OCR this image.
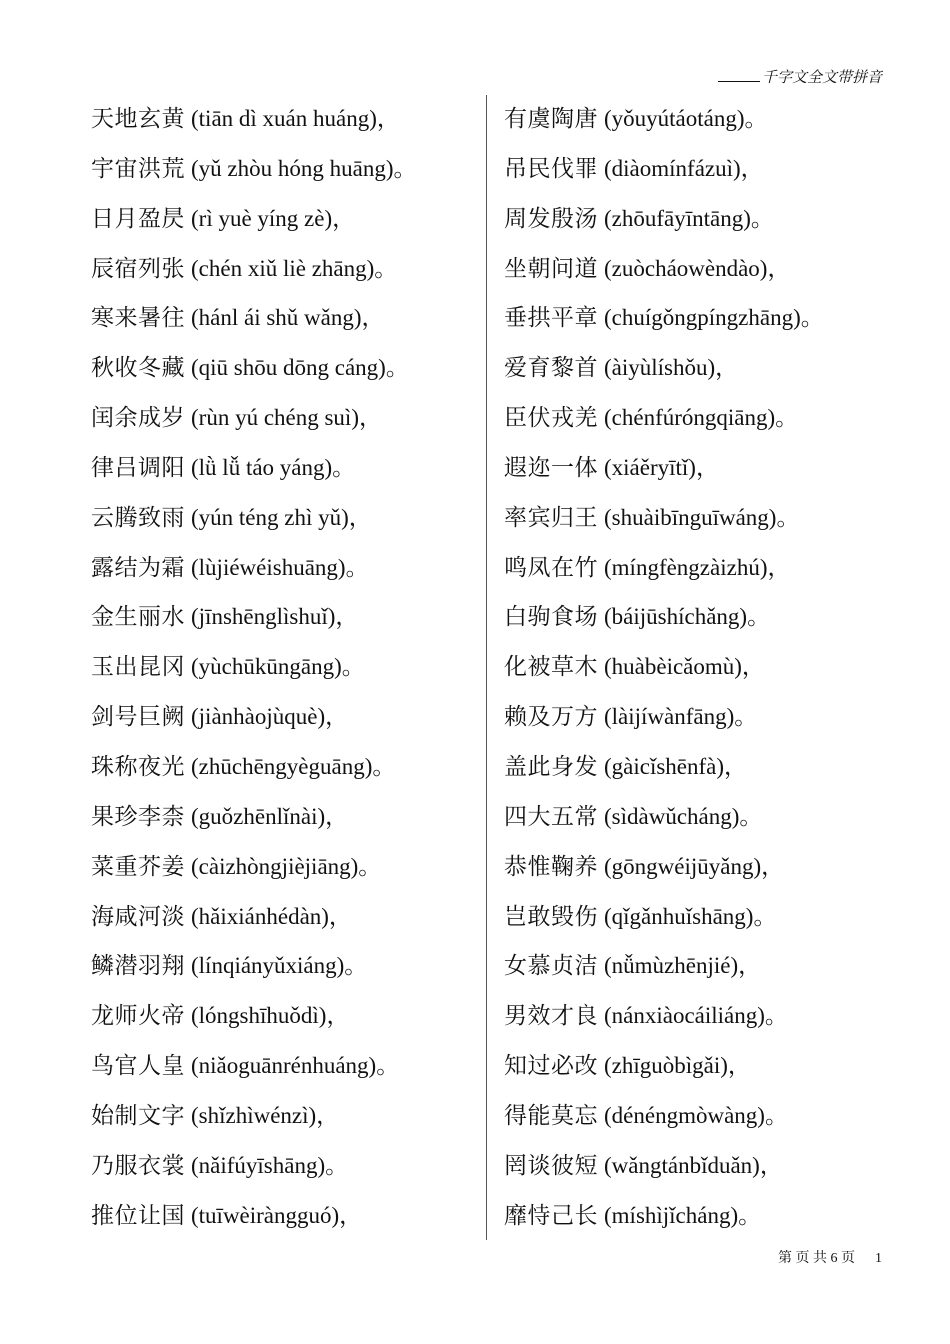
千字文全文带拼音
天地玄黄 (tiān dì xuán huáng)，
宇宙洪荒 (yǔ zhòu hóng huāng)。
日月盈昃 (rì yuè yíng zè)，
辰宿列张 (chén xiǔ liè zhāng)。
寒来暑往 (hánl ái shǔ wǎng)，
秋收冬藏 (qiū shōu dōng cáng)。
闰余成岁 (rùn yú chéng suì)，
律吕调阳 (lǜ lǚ táo yáng)。
云腾致雨 (yún téng zhì yǔ)，
露结为霜 (lùjiéwéishuāng)。
金生丽水 (jīnshēnglìshuǐ)，
玉出昆冈 (yùchūkūngāng)。
剑号巨阙 (jiànhàojùquè)，
珠称夜光 (zhūchēngyèguāng)。
果珍李柰 (guǒzhēnlǐnài)，
菜重芥姜 (càizhòngjièjiāng)。
海咸河淡 (hǎixiánhédàn)，
鳞潜羽翔 (línqiányǔxiáng)。
龙师火帝 (lóngshīhuǒdì)，
鸟官人皇 (niǎoguānrénhuáng)。
始制文字 (shǐzhìwénzì)，
乃服衣裳 (nǎifúyīshāng)。
推位让国 (tuīwèiràngguó)，
有虞陶唐 (yǒuyútáotáng)。
吊民伐罪 (diàomínfázuì)，
周发殷汤 (zhōufāyīntāng)。
坐朝问道 (zuòcháowèndào)，
垂拱平章 (chuígǒngpíngzhāng)。
爱育黎首 (àiyùlíshǒu)，
臣伏戎羌 (chénfúróngqiāng)。
遐迩一体 (xiáěryītǐ)，
率宾归王 (shuàibīnguīwáng)。
鸣凤在竹 (míngfèngzàizhú)，
白驹食场 (báijūshíchǎng)。
化被草木 (huàbèicǎomù)，
赖及万方 (làijíwànfāng)。
盖此身发 (gàicǐshēnfà)，
四大五常 (sìdàwǔcháng)。
恭惟鞠养 (gōngwéijūyǎng)，
岂敢毁伤 (qǐgǎnhuǐshāng)。
女慕贞洁 (nǚmùzhēnjié)，
男效才良 (nánxiàocáiliáng)。
知过必改 (zhīguòbìgǎi)，
得能莫忘 (dénéngmòwàng)。
罔谈彼短 (wǎngtánbǐduǎn)，
靡恃己长 (míshìjǐcháng)。
第 页 共 6 页 1
